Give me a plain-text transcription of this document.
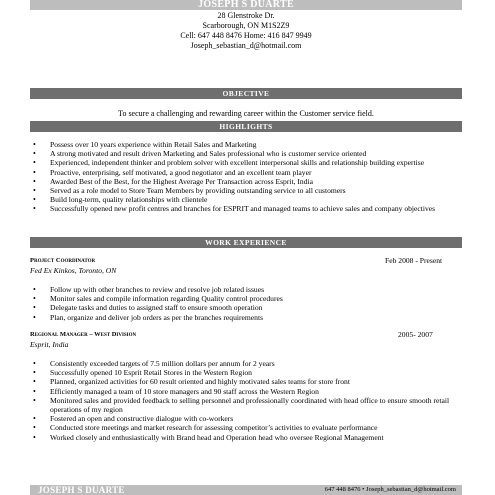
JOSEPH S DUARTE
28 Glenstroke Dr.
Scarborough, ON M1S2Z9
Cell: 647 448 8476 Home: 416 847 9949
Joseph_sebastian_d@hotmail.com
OBJECTIVE
To secure a challenging and rewarding career within the Customer service field.
HIGHLIGHTS
• Possess over 10 years experience within Retail Sales and Marketing
• A strong motivated and result driven Marketing and Sales professional who is customer service oriented
• Experienced, independent thinker and problem solver with excellent interpersonal skills and relationship building expertise
• Proactive, enterprising, self motivated, a good negotiator and an excellent team player
• Awarded Best of the Best, for the Highest Average Per Transaction across Esprit, India
• Served as a role model to Store Team Members by providing outstanding service to all customers
• Build long-term, quality relationships with clientele
• Successfully opened new profit centres and branches for ESPRIT and managed teams to achieve sales and company objectives
WORK EXPERIENCE
Project Coordinator	Feb 2008 - Present
Fed Ex Kinkos, Toronto, ON
• Follow up with other branches to review and resolve job related issues
• Monitor sales and compile information regarding Quality control procedures
• Delegate tasks and duties to assigned staff to ensure smooth operation
• Plan, organize and deliver job orders as per the branches requirements
Regional Manager – West Division	2005- 2007
Esprit, India
• Consistently exceeded targets of 7.5 million dollars per annum for 2 years
• Successfully opened 10 Esprit Retail Stores in the Western Region
• Planned, organized activities for 60 result oriented and highly motivated sales teams for store front
• Efficiently managed a team of 10 store managers and 90 staff across the Western Region
• Monitored sales and provided feedback to selling personnel and professionally coordinated with head office to ensure smooth retail operations of my region
• Fostered an open and constructive dialogue with co-workers
• Conducted store meetings and market research for assessing competitor’s activities to evaluate performance
• Worked closely and enthusiastically with Brand head and Operation head who oversee Regional Management
JOSEPH S DUARTE	647 448 8476 • Joseph_sebastian_d@hotmail.com
